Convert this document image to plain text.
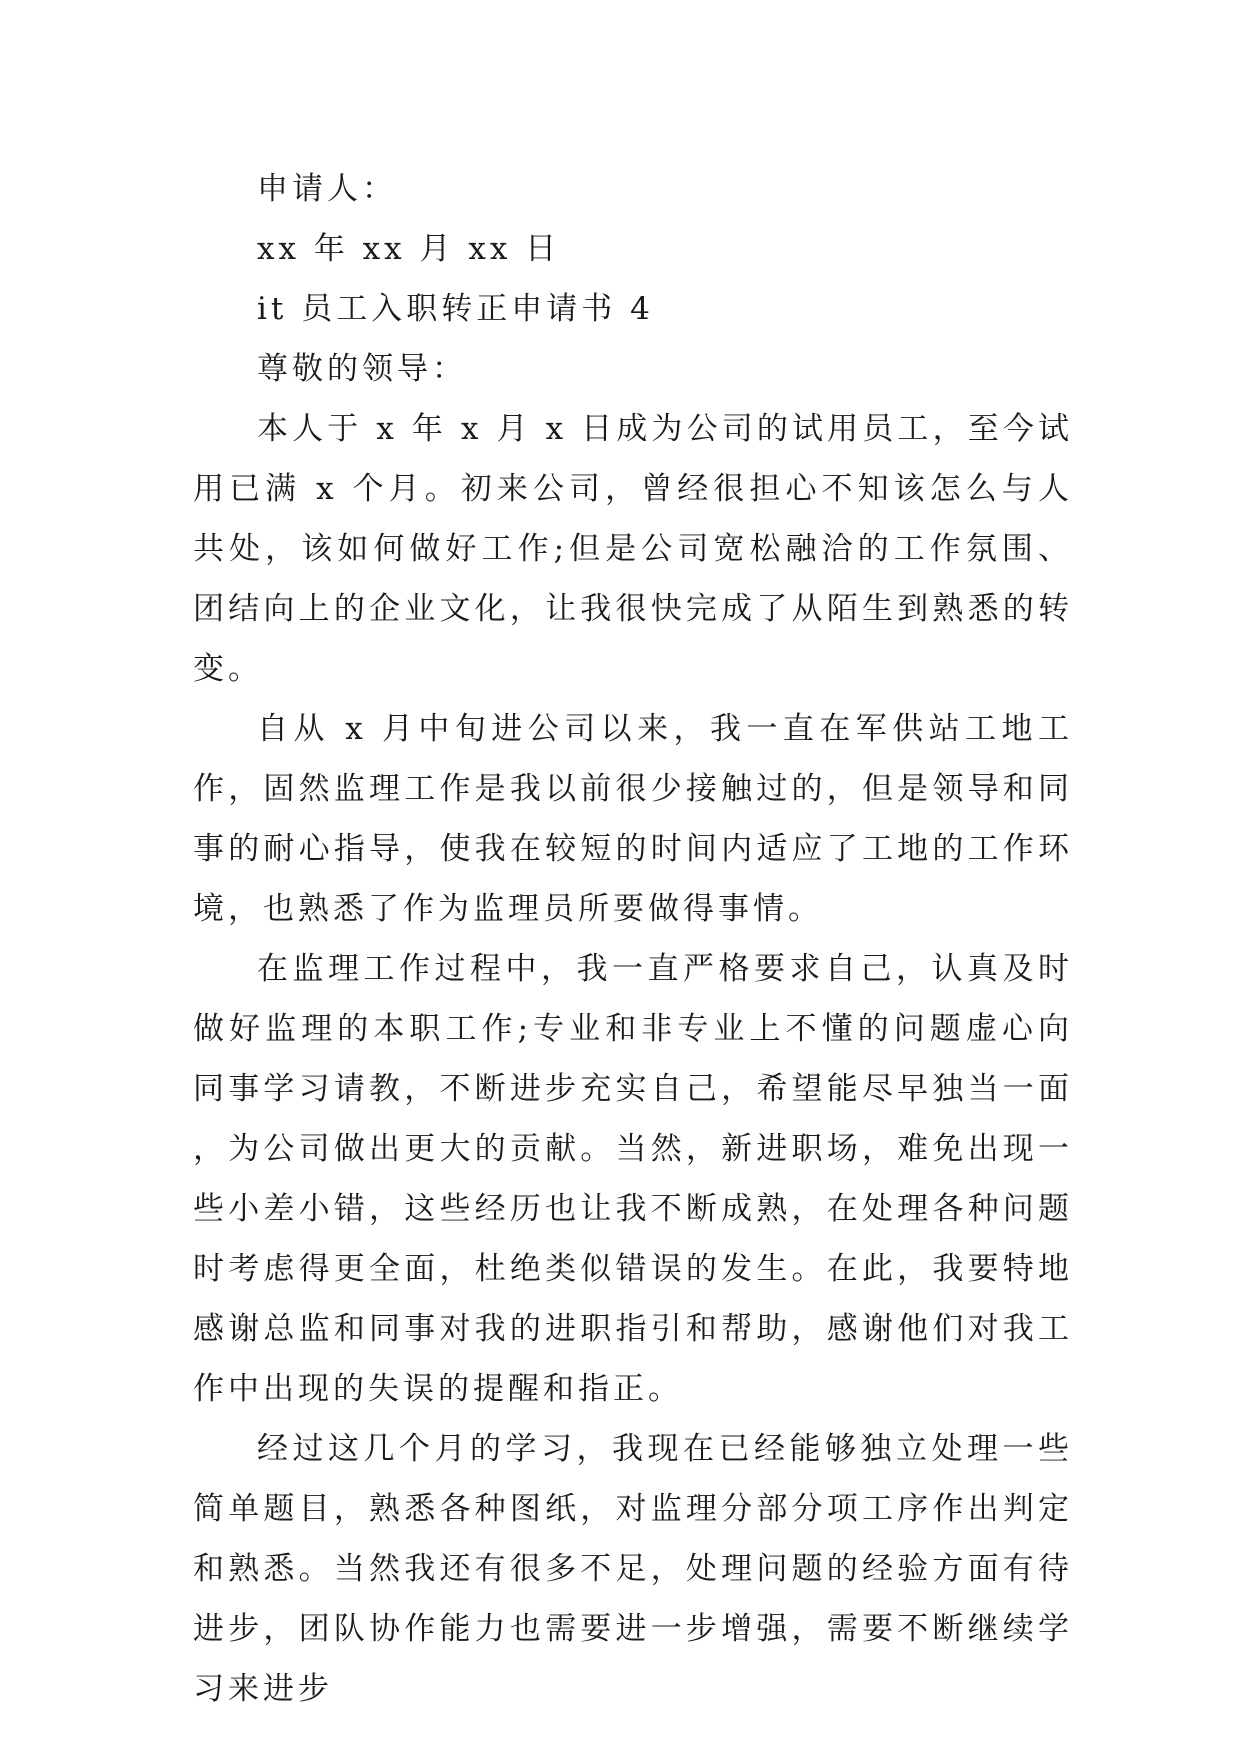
申请人：

xx 年 xx 月 xx 日

it 员工入职转正申请书 4

尊敬的领导：

本人于 x 年 x 月 x 日成为公司的试用员工，至今试用已满 x 个月。初来公司，曾经很担心不知该怎么与人共处，该如何做好工作;但是公司宽松融洽的工作氛围、团结向上的企业文化，让我很快完成了从陌生到熟悉的转变。

自从 x 月中旬进公司以来，我一直在军供站工地工作，固然监理工作是我以前很少接触过的，但是领导和同事的耐心指导，使我在较短的时间内适应了工地的工作环境，也熟悉了作为监理员所要做得事情。

在监理工作过程中，我一直严格要求自己，认真及时做好监理的本职工作;专业和非专业上不懂的问题虚心向同事学习请教，不断进步充实自己，希望能尽早独当一面，为公司做出更大的贡献。当然，新进职场，难免出现一些小差小错，这些经历也让我不断成熟，在处理各种问题时考虑得更全面，杜绝类似错误的发生。在此，我要特地感谢总监和同事对我的进职指引和帮助，感谢他们对我工作中出现的失误的提醒和指正。

经过这几个月的学习，我现在已经能够独立处理一些简单题目，熟悉各种图纸，对监理分部分项工序作出判定和熟悉。当然我还有很多不足，处理问题的经验方面有待进步，团队协作能力也需要进一步增强，需要不断继续学习来进步
